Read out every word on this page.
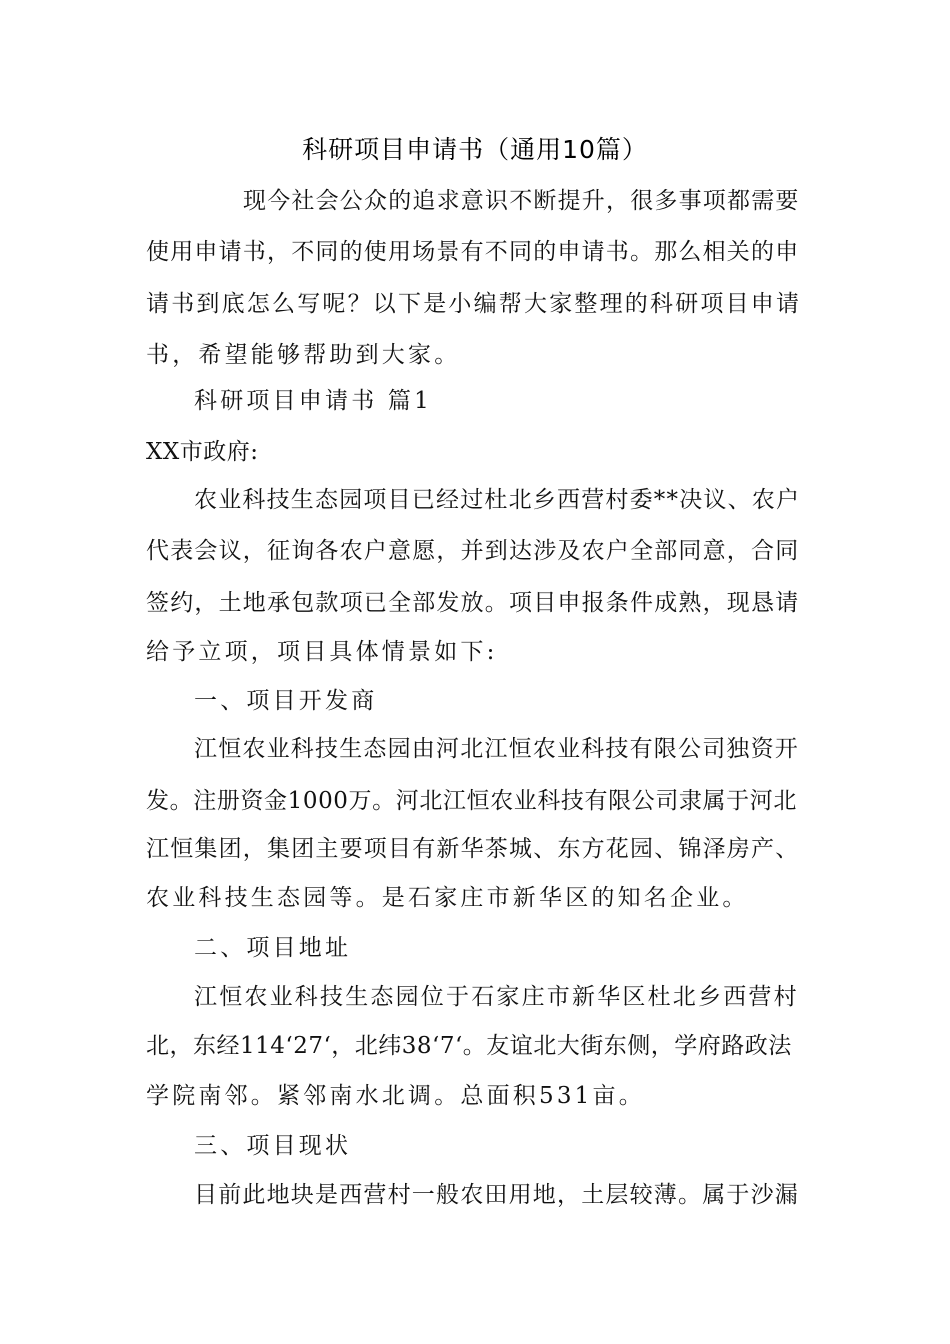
科研项目申请书（通用10篇）
现今社会公众的追求意识不断提升，很多事项都需要
使用申请书，不同的使用场景有不同的申请书。那么相关的申
请书到底怎么写呢？以下是小编帮大家整理的科研项目申请
书，希望能够帮助到大家。
科研项目申请书 篇1
XX市政府:
农业科技生态园项目已经过杜北乡西营村委**决议、农户
代表会议，征询各农户意愿，并到达涉及农户全部同意，合同
签约，土地承包款项已全部发放。项目申报条件成熟，现恳请
给予立项，项目具体情景如下:
一、项目开发商
江恒农业科技生态园由河北江恒农业科技有限公司独资开
发。注册资金1000万。河北江恒农业科技有限公司隶属于河北
江恒集团，集团主要项目有新华茶城、东方花园、锦泽房产、
农业科技生态园等。是石家庄市新华区的知名企业。
二、项目地址
江恒农业科技生态园位于石家庄市新华区杜北乡西营村
北，东经114‘27‘，北纬38‘7‘。友谊北大街东侧，学府路政法
学院南邻。紧邻南水北调。总面积531亩。
三、项目现状
目前此地块是西营村一般农田用地，土层较薄。属于沙漏
